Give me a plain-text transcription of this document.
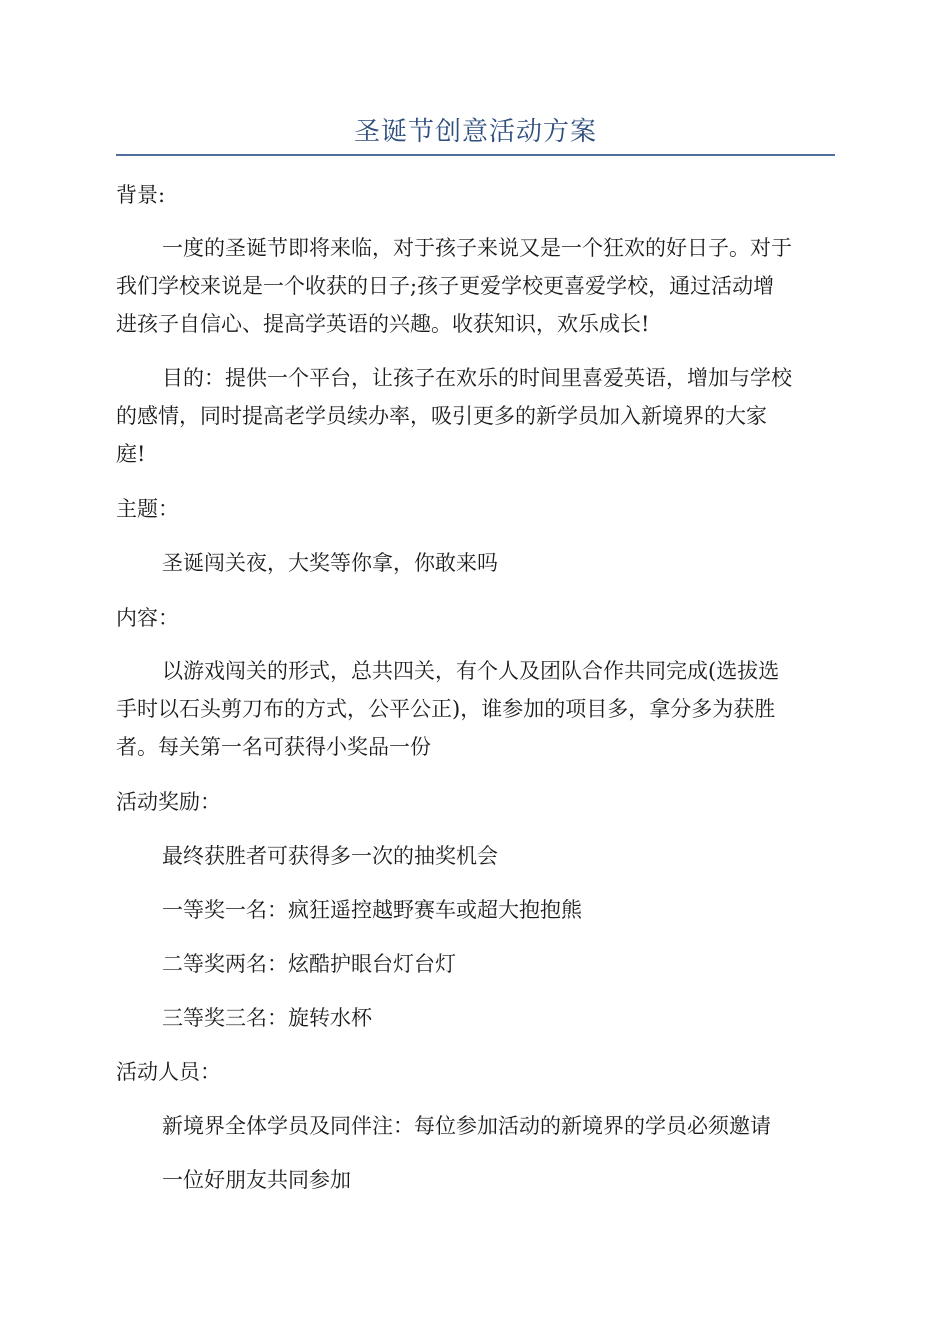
圣诞节创意活动方案

背景:

一度的圣诞节即将来临，对于孩子来说又是一个狂欢的好日子。对于

我们学校来说是一个收获的日子;孩子更爱学校更喜爱学校，通过活动增

进孩子自信心、提高学英语的兴趣。收获知识，欢乐成长!

目的：提供一个平台，让孩子在欢乐的时间里喜爱英语，增加与学校

的感情，同时提高老学员续办率，吸引更多的新学员加入新境界的大家

庭!

主题：

圣诞闯关夜，大奖等你拿，你敢来吗

内容：

以游戏闯关的形式，总共四关，有个人及团队合作共同完成(选拔选

手时以石头剪刀布的方式，公平公正)，谁参加的项目多，拿分多为获胜

者。每关第一名可获得小奖品一份

活动奖励：

最终获胜者可获得多一次的抽奖机会

一等奖一名：疯狂遥控越野赛车或超大抱抱熊

二等奖两名：炫酷护眼台灯台灯

三等奖三名：旋转水杯

活动人员：

新境界全体学员及同伴注：每位参加活动的新境界的学员必须邀请

一位好朋友共同参加
